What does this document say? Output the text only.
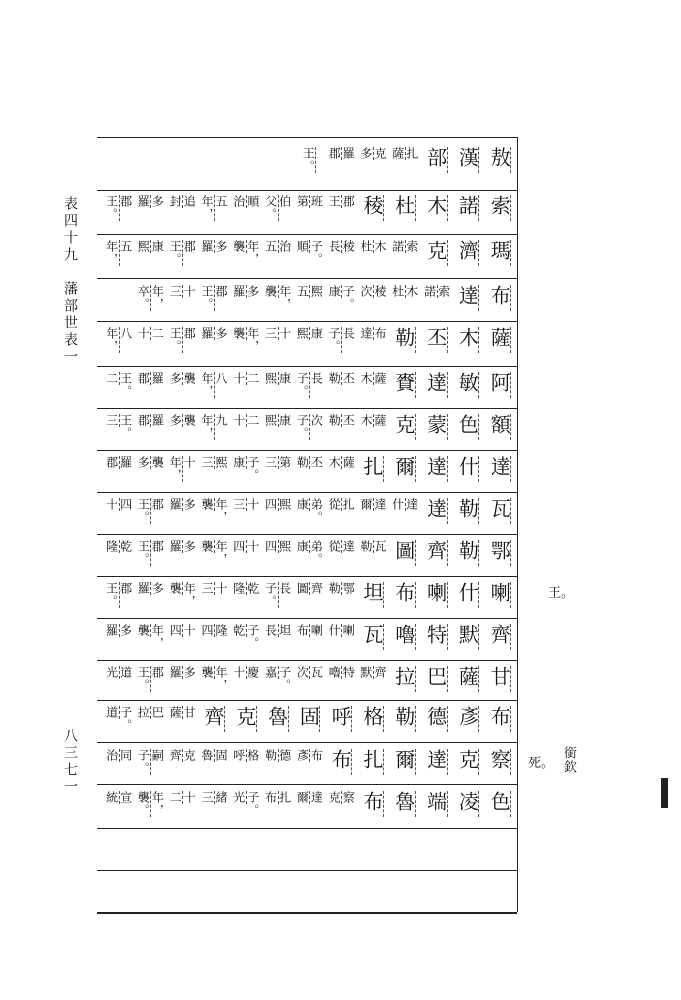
表四十九　藩部世表一
八三七一
敖
漢
部
扎
薩
克
多
羅
郡
王。
索
諾
木
杜
稜
郡
王
班
第
伯
父。
順
治
五
年，
追
封
多
羅
郡
王。
瑪
濟
克
索
諾
木
杜
稜
長
子。
順
治
五
年，
襲
多
羅
郡
王。
康
熙
五
年，
布
達
索
諾
木
杜
稜
次
子。
康
熙
五
年，
襲
多
羅
郡
王。
十
三
年，
卒。
薩
木
丕
勒
布
達
長
子。
康
熙
十
三
年，
襲
多
羅
郡
王。
二
十
八
年，
阿
敏
達
賚
薩
木
丕
勒
長
子。
康
熙
二
十
八
年，
襲
多
羅
郡
王。
二
額
色
蒙
克
薩
木
丕
勒
次
子。
康
熙
二
十
九
年，
襲
多
羅
郡
王。
三
達
什
達
爾
扎
薩
木
丕
勒
第
三
子。
康
熙
三
十
年，
襲
多
羅
郡
瓦
勒
達
達
什
達
爾
扎
從
弟。
康
熙
四
十
三
年，
襲
多
羅
郡
王。
四
十
鄂
勒
齊
圖
瓦
勒
達
從
弟。
康
熙
四
十
四
年，
襲
多
羅
郡
王。
乾
隆
喇
什
喇
布
坦
鄂
勒
齊
圖
長
子。
乾
隆
十
三
年，
襲
多
羅
郡
王。
齊
默
特
嚕
瓦
喇
什
喇
布
坦
長
子。
乾
隆
四
十
四
年，
襲
多
羅
甘
薩
巴
拉
齊
默
特
嚕
瓦
次
子。
嘉
慶
十
年，
襲
多
羅
郡
王。
道
光
布
彥
德
勒
格
呼
固
魯
克
齊
甘
薩
巴
拉
子。
道
察
克
達
爾
扎
布
布
彥
德
勒
格
呼
固
魯
克
齊
嗣
子。
同
治
色
凌
端
魯
布
察
克
達
爾
扎
布
子。
光
緒
三
十
二
年，
襲。
宣
統
王。
死。
銜欽
